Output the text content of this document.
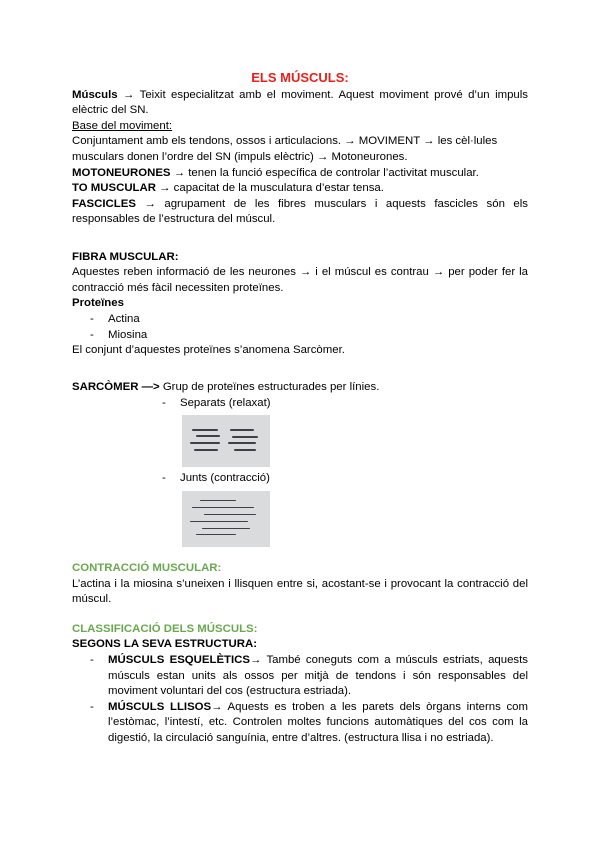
ELS MÚSCULS:

Músculs → Teixit especialitzat amb el moviment. Aquest moviment prové d’un impuls elèctric del SN.

Base del moviment:

Conjuntament amb els tendons, ossos i articulacions. → MOVIMENT → les cèl·lules musculars donen l’ordre del SN (impuls elèctric) → Motoneurones.

MOTONEURONES → tenen la funció específica de controlar l’activitat muscular.

TO MUSCULAR → capacitat de la musculatura d’estar tensa.

FASCICLES → agrupament de les fibres musculars i aquests fascicles són els responsables de l’estructura del múscul.

FIBRA MUSCULAR:

Aquestes reben informació de les neurones → i el múscul es contrau → per poder fer la contracció més fàcil necessiten proteïnes.

Proteïnes

- Actina
- Miosina

El conjunt d’aquestes proteïnes s’anomena Sarcòmer.

SARCÒMER —> Grup de proteïnes estructurades per línies.

- Separats (relaxat)
- Junts (contracció)

CONTRACCIÓ MUSCULAR:

L’actina i la miosina s’uneixen i llisquen entre si, acostant-se i provocant la contracció del múscul.

CLASSIFICACIÓ DELS MÚSCULS:

SEGONS LA SEVA ESTRUCTURA:

- MÚSCULS ESQUELÈTICS→ També coneguts com a músculs estriats, aquests músculs estan units als ossos per mitjà de tendons i són responsables del moviment voluntari del cos (estructura estriada).
- MÚSCULS LLISOS→ Aquests es troben a les parets dels òrgans interns com l’estòmac, l’intestí, etc. Controlen moltes funcions automàtiques del cos com la digestió, la circulació sanguínia, entre d’altres. (estructura llisa i no estriada).
